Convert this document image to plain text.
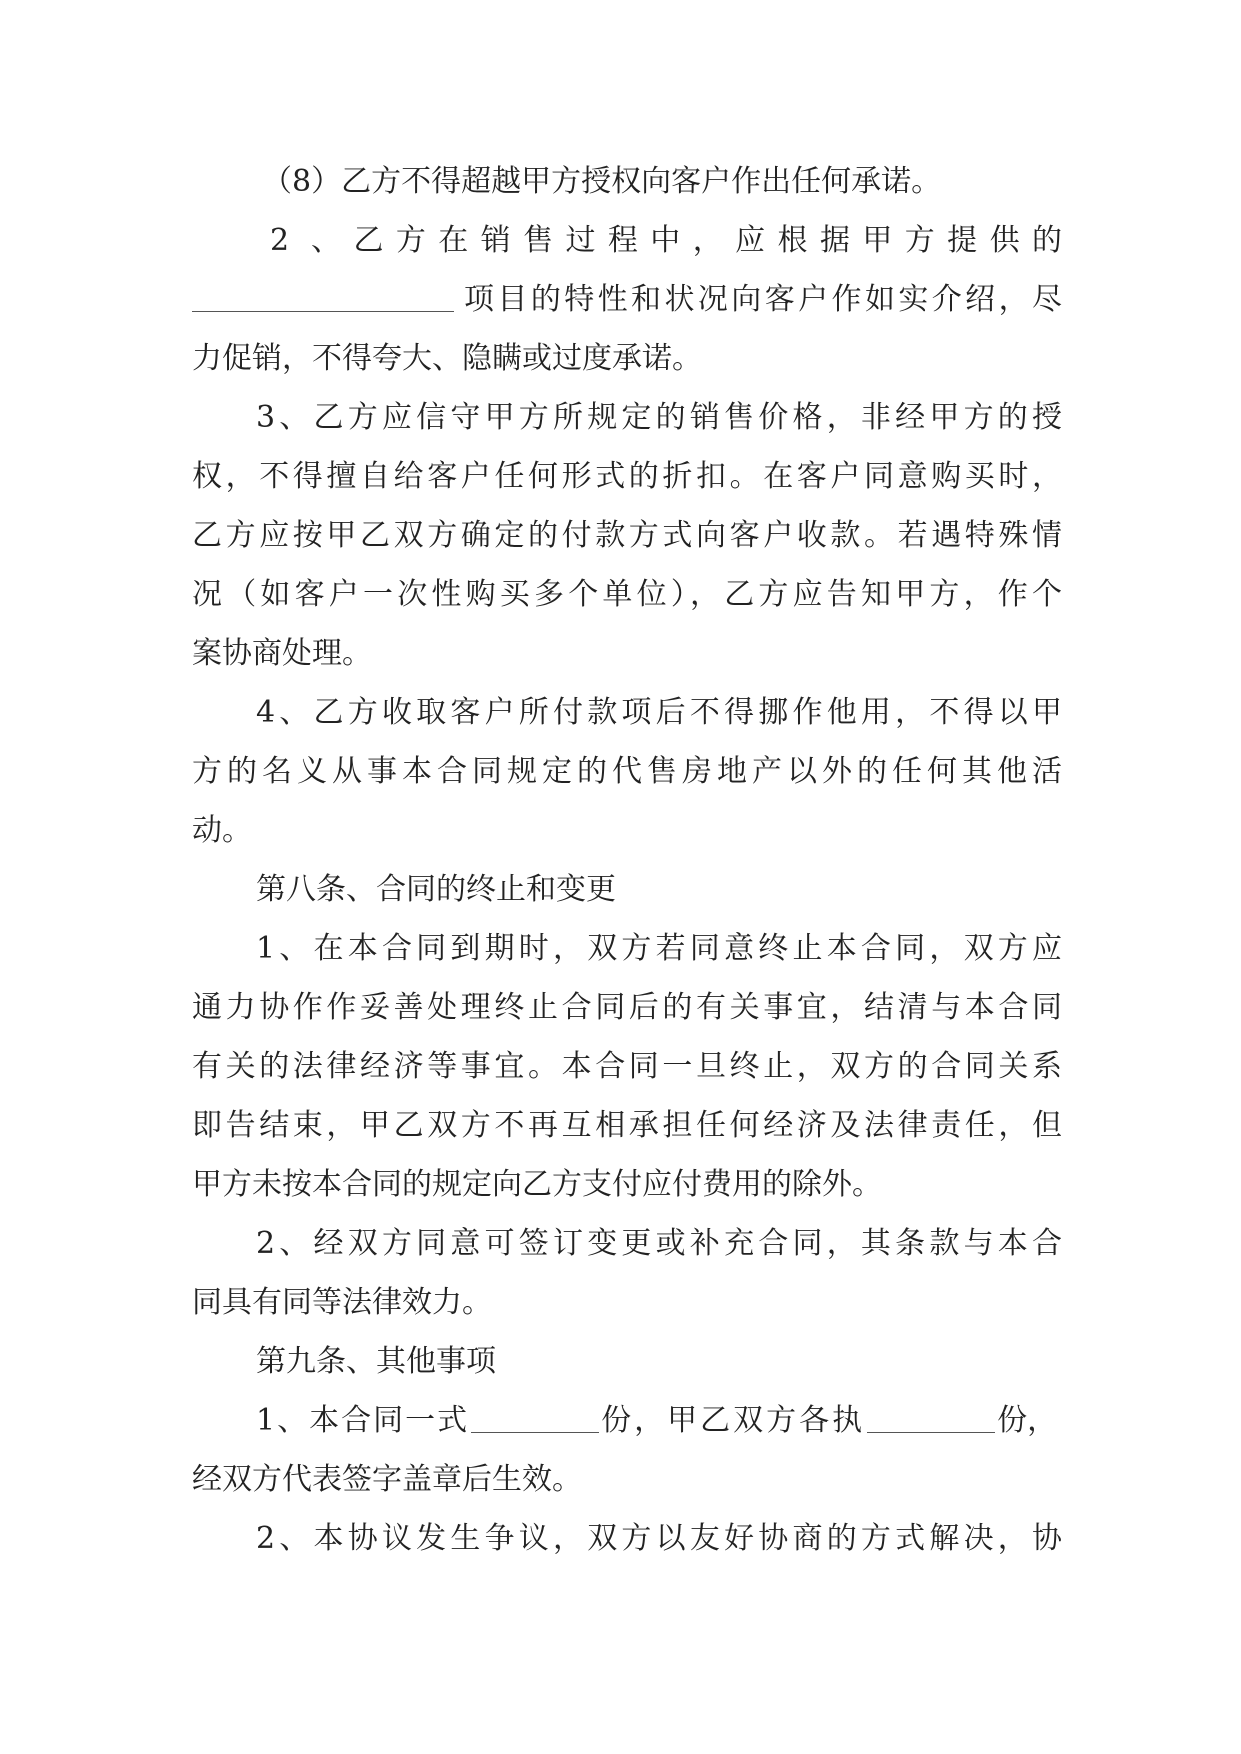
（8）乙方不得超越甲方授权向客户作出任何承诺。
2 、乙方在销售过程中，应根据甲方提供的
项目的特性和状况向客户作如实介绍，尽
力促销，不得夸大、隐瞒或过度承诺。
3、乙方应信守甲方所规定的销售价格，非经甲方的授
权，不得擅自给客户任何形式的折扣。在客户同意购买时，
乙方应按甲乙双方确定的付款方式向客户收款。若遇特殊情
况（如客户一次性购买多个单位），乙方应告知甲方，作个
案协商处理。
4、乙方收取客户所付款项后不得挪作他用，不得以甲
方的名义从事本合同规定的代售房地产以外的任何其他活
动。
第八条、合同的终止和变更
1、在本合同到期时，双方若同意终止本合同，双方应
通力协作作妥善处理终止合同后的有关事宜，结清与本合同
有关的法律经济等事宜。本合同一旦终止，双方的合同关系
即告结束，甲乙双方不再互相承担任何经济及法律责任，但
甲方未按本合同的规定向乙方支付应付费用的除外。
2、经双方同意可签订变更或补充合同，其条款与本合
同具有同等法律效力。
第九条、其他事项
1、本合同一式	份，甲乙双方各执	份，
经双方代表签字盖章后生效。
2、本协议发生争议，双方以友好协商的方式解决，协
